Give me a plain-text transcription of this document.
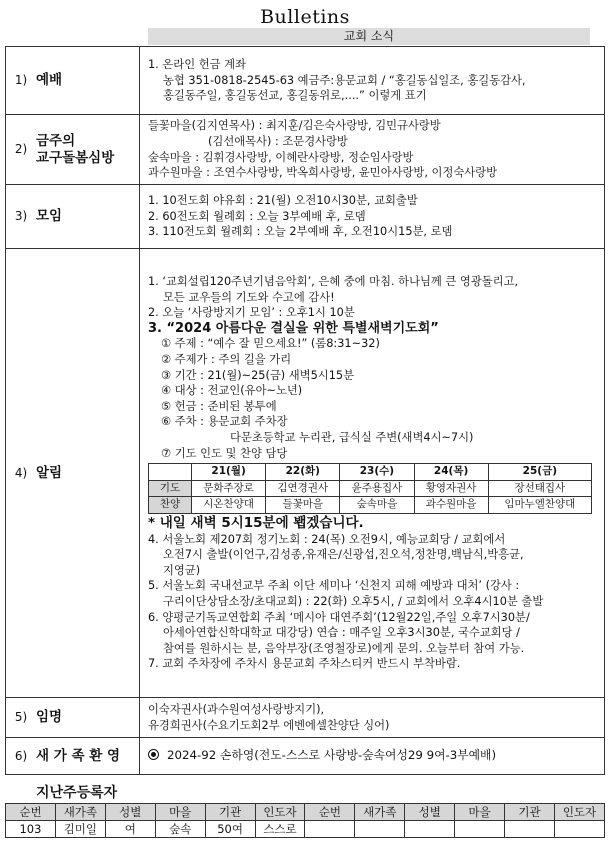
Bulletins
교회 소식
1) 예배

1. 온라인 헌금 계좌
농협 351-0818-2545-63 예금주:용문교회 / “홍길동십일조, 홍길동감사,
홍길동주일, 홍길동선교, 홍길동위로,....” 이렇게 표기

2)
금주의
교구돌봄심방

들꽃마을(김지연목사) : 최지훈/김은숙사랑방, 김민규사랑방
(김선애목사) : 조문경사랑방
숲속마을 : 김휘경사랑방, 이혜란사랑방, 정순임사랑방
과수원마을 : 조연수사랑방, 박옥희사랑방, 윤민아사랑방, 이정숙사랑방

3) 모임

1. 10전도회 야유회 : 21(월) 오전10시30분, 교회출발
2. 60전도회 월례회 : 오늘 3부예배 후, 로뎀
3. 110전도회 월례회 : 오늘 2부예배 후, 오전10시15분, 로뎀

4) 알림

1. ‘교회설립120주년기념음악회’, 은혜 중에 마침. 하나님께 큰 영광돌리고,
모든 교우들의 기도와 수고에 감사!
2. 오늘 ‘사랑방지기 모임’ : 오후1시 10분
3. “2024 아름다운 결실을 위한 특별새벽기도회”
① 주제 : “예수 잘 믿으세요!” (롬8:31~32)
② 주제가 : 주의 길을 가리
③ 기간 : 21(월)~25(금) 새벽5시15분
④ 대상 : 전교인(유아~노년)
⑤ 헌금 : 준비된 봉투에
⑥ 주차 : 용문교회 주차장
다문초등학교 누리관, 급식실 주변(새벽4시~7시)
⑦ 기도 인도 및 찬양 담당
	21(월)	22(화)	23(수)	24(목)	25(금)
기도	문화주장로	김연경권사	윤주용집사	황영자권사	장선태집사
찬양	시온찬양대	들꽃마을	숲속마을	과수원마을	임마누엘찬양대
* 내일 새벽 5시15분에 봽겠습니다.
4. 서울노회 제207회 정기노회 : 24(목) 오전9시, 예능교회당 / 교회에서
오전7시 출발(이언구,김성종,유재은/신광섭,진오석,정찬명,백남식,박흥균,
지영균)
5. 서울노회 국내선교부 주최 이단 세미나 ‘신천지 피해 예방과 대처’ (강사 :
구리이단상담소장/초대교회) : 22(화) 오후5시, / 교회에서 오후4시10분 출발
6. 양평군기독교연합회 주최 ‘메시아 대연주회’(12월22일,주일 오후7시30분/
아세아연합신학대학교 대강당) 연습 : 매주일 오후3시30분, 국수교회당 /
참여를 원하시는 분, 음악부장(조영철장로)에게 문의. 오늘부터 참여 가능.
7. 교회 주차장에 주차시 용문교회 주차스티커 반드시 부착바람.

5) 임명	이숙자권사(과수원여성사랑방지기),
유경희권사(수요기도회2부 에벤에셀찬양단 싱어)

6) 새 가 족 환 영	2024-92 손하영(전도-스스로 사랑방-숲속여성29 9여-3부예배)
지난주등록자
순번	새가족	성별	마을	기관	인도자	순번	새가족	성별	마을	기관	인도자
103	김미일	여	숲속	50여	스스로						
